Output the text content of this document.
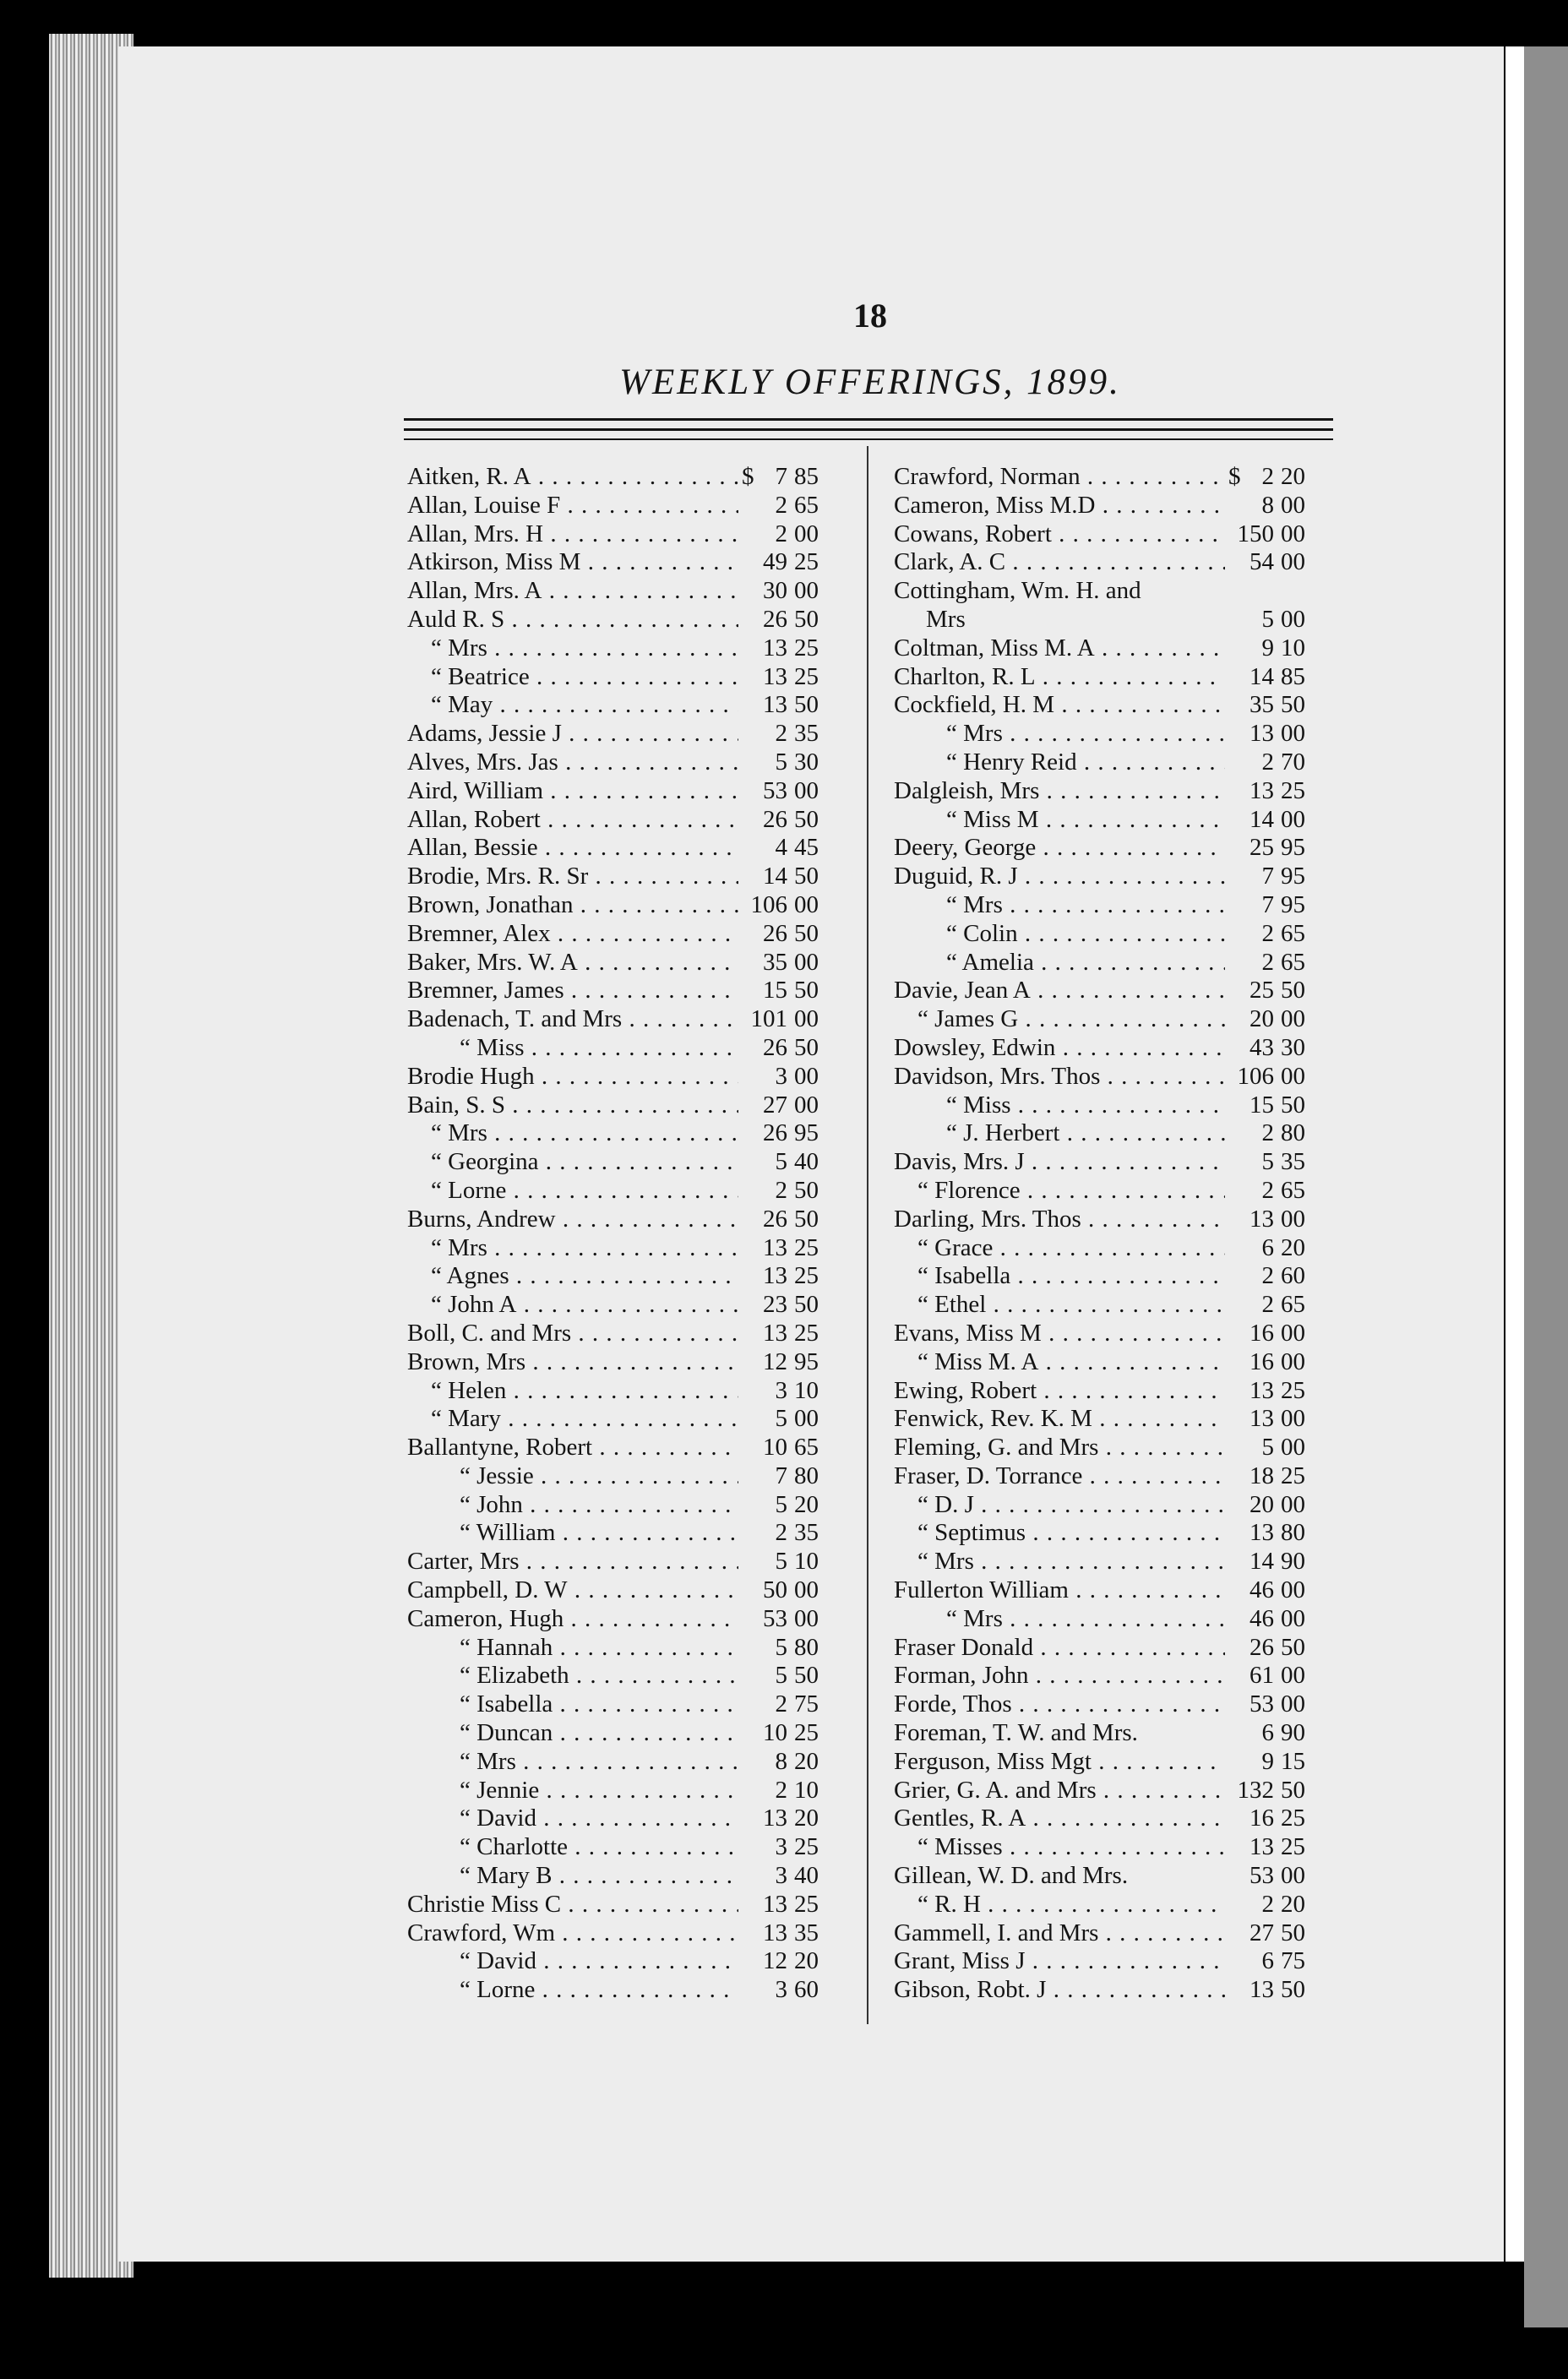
18
WEEKLY OFFERINGS, 1899.
Aitken, R. A . . .	$ 7 85
Allan, Louise F . . .	2 65
Allan, Mrs. H . . .	2 00
Atkirson, Miss M . . .	49 25
Allan, Mrs. A . . .	30 00
Auld R. S . . .	26 50
“ Mrs . . .	13 25
“ Beatrice . . .	13 25
“ May . . .	13 50
Adams, Jessie J . . .	2 35
Alves, Mrs. Jas . . .	5 30
Aird, William . . .	53 00
Allan, Robert . . .	26 50
Allan, Bessie . . .	4 45
Brodie, Mrs. R. Sr . . .	14 50
Brown, Jonathan . . .	106 00
Bremner, Alex . . .	26 50
Baker, Mrs. W. A . . .	35 00
Bremner, James . . .	15 50
Badenach, T. and Mrs . . .	101 00
“ Miss . . .	26 50
Brodie Hugh . . .	3 00
Bain, S. S . . .	27 00
“ Mrs . . .	26 95
“ Georgina . . .	5 40
“ Lorne . . .	2 50
Burns, Andrew . . .	26 50
“ Mrs . . .	13 25
“ Agnes . . .	13 25
“ John A . . .	23 50
Boll, C. and Mrs . . .	13 25
Brown, Mrs . . .	12 95
“ Helen . . .	3 10
“ Mary . . .	5 00
Ballantyne, Robert . . .	10 65
“ Jessie . . .	7 80
“ John . . .	5 20
“ William . . .	2 35
Carter, Mrs . . .	5 10
Campbell, D. W . . .	50 00
Cameron, Hugh . . .	53 00
“ Hannah . . .	5 80
“ Elizabeth . . .	5 50
“ Isabella . . .	2 75
“ Duncan . . .	10 25
“ Mrs . . .	8 20
“ Jennie . . .	2 10
“ David . . .	13 20
“ Charlotte . . .	3 25
“ Mary B . . .	3 40
Christie Miss C . . .	13 25
Crawford, Wm . . .	13 35
“ David . . .	12 20
“ Lorne . . .	3 60
Crawford, Norman . . .	$ 2 20
Cameron, Miss M.D . . .	8 00
Cowans, Robert . . .	150 00
Clark, A. C . . .	54 00
Cottingham, Wm. H. and
Mrs	5 00
Coltman, Miss M. A . . .	9 10
Charlton, R. L . . .	14 85
Cockfield, H. M . . .	35 50
“ Mrs . . .	13 00
“ Henry Reid . . .	2 70
Dalgleish, Mrs . . .	13 25
“ Miss M . . .	14 00
Deery, George . . .	25 95
Duguid, R. J . . .	7 95
“ Mrs . . .	7 95
“ Colin . . .	2 65
“ Amelia . . .	2 65
Davie, Jean A . . .	25 50
“ James G . . .	20 00
Dowsley, Edwin . . .	43 30
Davidson, Mrs. Thos . . .	106 00
“ Miss . . .	15 50
“ J. Herbert . . .	2 80
Davis, Mrs. J . . .	5 35
“ Florence . . .	2 65
Darling, Mrs. Thos . . .	13 00
“ Grace . . .	6 20
“ Isabella . . .	2 60
“ Ethel . . .	2 65
Evans, Miss M . . .	16 00
“ Miss M. A . . .	16 00
Ewing, Robert . . .	13 25
Fenwick, Rev. K. M . . .	13 00
Fleming, G. and Mrs . . .	5 00
Fraser, D. Torrance . . .	18 25
“ D. J . . .	20 00
“ Septimus . . .	13 80
“ Mrs . . .	14 90
Fullerton William . . .	46 00
“ Mrs . . .	46 00
Fraser Donald . . .	26 50
Forman, John . . .	61 00
Forde, Thos . . .	53 00
Foreman, T. W. and Mrs.	6 90
Ferguson, Miss Mgt . . .	9 15
Grier, G. A. and Mrs . . .	132 50
Gentles, R. A . . .	16 25
“ Misses . . .	13 25
Gillean, W. D. and Mrs.	53 00
“ R. H . . .	2 20
Gammell, I. and Mrs . . .	27 50
Grant, Miss J . . .	6 75
Gibson, Robt. J . . .	13 50
